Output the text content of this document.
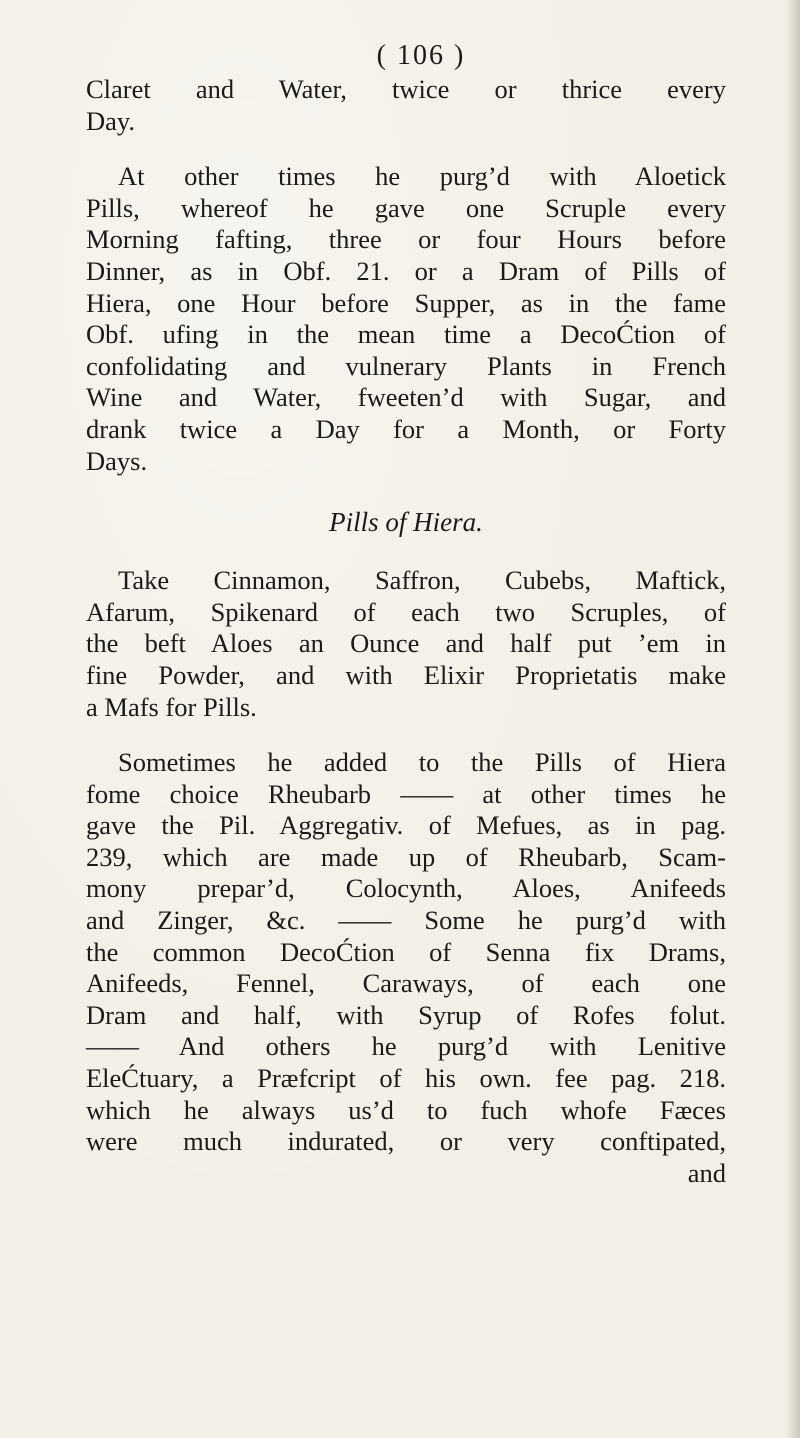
( 106 )
Claret and Water, twice or thrice every
Day.
At other times he purg’d with Aloetick
Pills, whereof he gave one Scruple every
Morning fafting, three or four Hours before
Dinner, as in Obf. 21. or a Dram of Pills of
Hiera, one Hour before Supper, as in the fame
Obf. ufing in the mean time a DecoĆtion of
confolidating and vulnerary Plants in French
Wine and Water, fweeten’d with Sugar, and
drank twice a Day for a Month, or Forty
Days.
Pills of Hiera.
Take Cinnamon, Saffron, Cubebs, Maftick,
Afarum, Spikenard of each two Scruples, of
the beft Aloes an Ounce and half put ’em in
fine Powder, and with Elixir Proprietatis make
a Mafs for Pills.
Sometimes he added to the Pills of Hiera
fome choice Rheubarb —— at other times he
gave the Pil. Aggregativ. of Mefues, as in pag.
239, which are made up of Rheubarb, Scam-
mony prepar’d, Colocynth, Aloes, Anifeeds
and Zinger, &c. —— Some he purg’d with
the common DecoĆtion of Senna fix Drams,
Anifeeds, Fennel, Caraways, of each one
Dram and half, with Syrup of Rofes folut.
—— And others he purg’d with Lenitive
EleĆtuary, a Præfcript of his own. fee pag. 218.
which he always us’d to fuch whofe Fæces
were much indurated, or very conftipated,
and
